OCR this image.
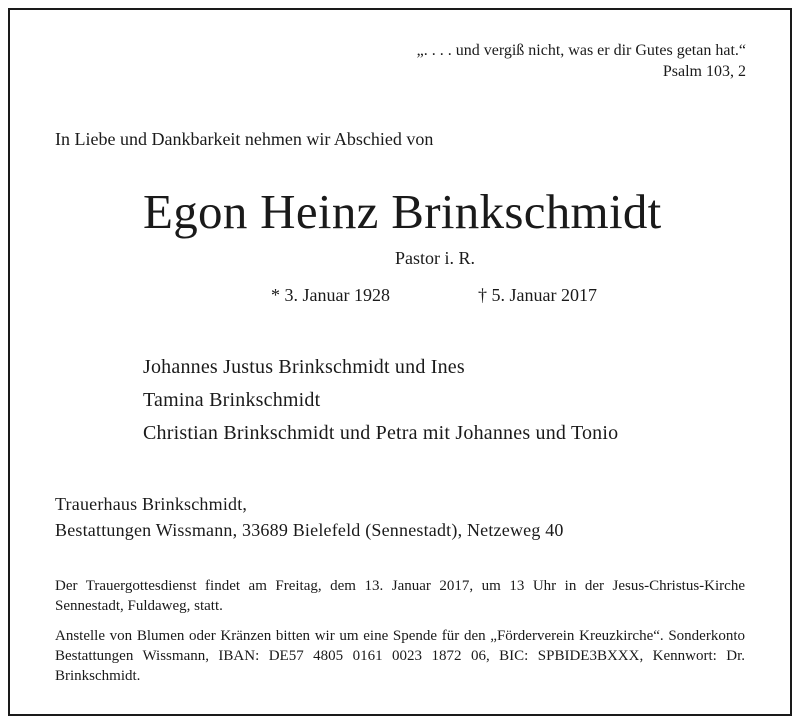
„. . . . und vergiß nicht, was er dir Gutes getan hat.“
Psalm 103, 2
In Liebe und Dankbarkeit nehmen wir Abschied von
Egon Heinz Brinkschmidt
Pastor i. R.
* 3. Januar 1928	† 5. Januar 2017
Johannes Justus Brinkschmidt und Ines
Tamina Brinkschmidt
Christian Brinkschmidt und Petra mit Johannes und Tonio
Trauerhaus Brinkschmidt,
Bestattungen Wissmann, 33689 Bielefeld (Sennestadt), Netzeweg 40
Der Trauergottesdienst findet am Freitag, dem 13. Januar 2017, um 13 Uhr in der Jesus-Christus-Kirche Sennestadt, Fuldaweg, statt.
Anstelle von Blumen oder Kränzen bitten wir um eine Spende für den „Förderverein Kreuzkirche“. Sonderkonto Bestattungen Wissmann, IBAN: DE57 4805 0161 0023 1872 06, BIC: SPBIDE3BXXX, Kennwort: Dr. Brinkschmidt.
